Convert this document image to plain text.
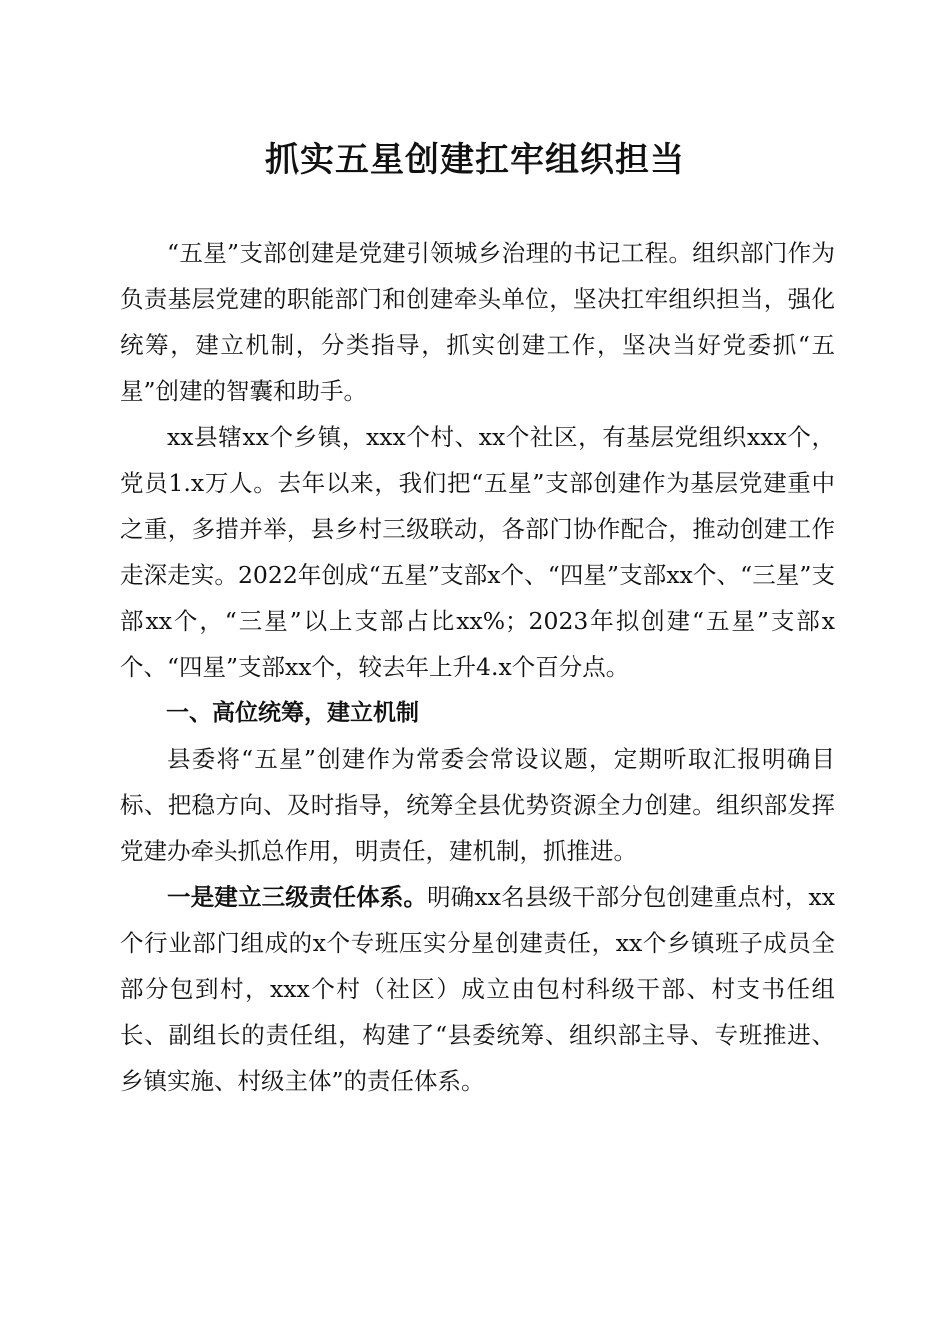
抓实五星创建扛牢组织担当

“五星”支部创建是党建引领城乡治理的书记工程。组织部门作为负责基层党建的职能部门和创建牵头单位，坚决扛牢组织担当，强化统筹，建立机制，分类指导，抓实创建工作，坚决当好党委抓“五星”创建的智囊和助手。

xx县辖xx个乡镇，xxx个村、xx个社区，有基层党组织xxx个，党员1.x万人。去年以来，我们把“五星”支部创建作为基层党建重中之重，多措并举，县乡村三级联动，各部门协作配合，推动创建工作走深走实。2022年创成“五星”支部x个、“四星”支部xx个、“三星”支部xx个，“三星”以上支部占比xx%；2023年拟创建“五星”支部x个、“四星”支部xx个，较去年上升4.x个百分点。

一、高位统筹，建立机制

县委将“五星”创建作为常委会常设议题，定期听取汇报明确目标、把稳方向、及时指导，统筹全县优势资源全力创建。组织部发挥党建办牵头抓总作用，明责任，建机制，抓推进。

一是建立三级责任体系。明确xx名县级干部分包创建重点村，xx个行业部门组成的x个专班压实分星创建责任，xx个乡镇班子成员全部分包到村，xxx个村（社区）成立由包村科级干部、村支书任组长、副组长的责任组，构建了“县委统筹、组织部主导、专班推进、乡镇实施、村级主体”的责任体系。
